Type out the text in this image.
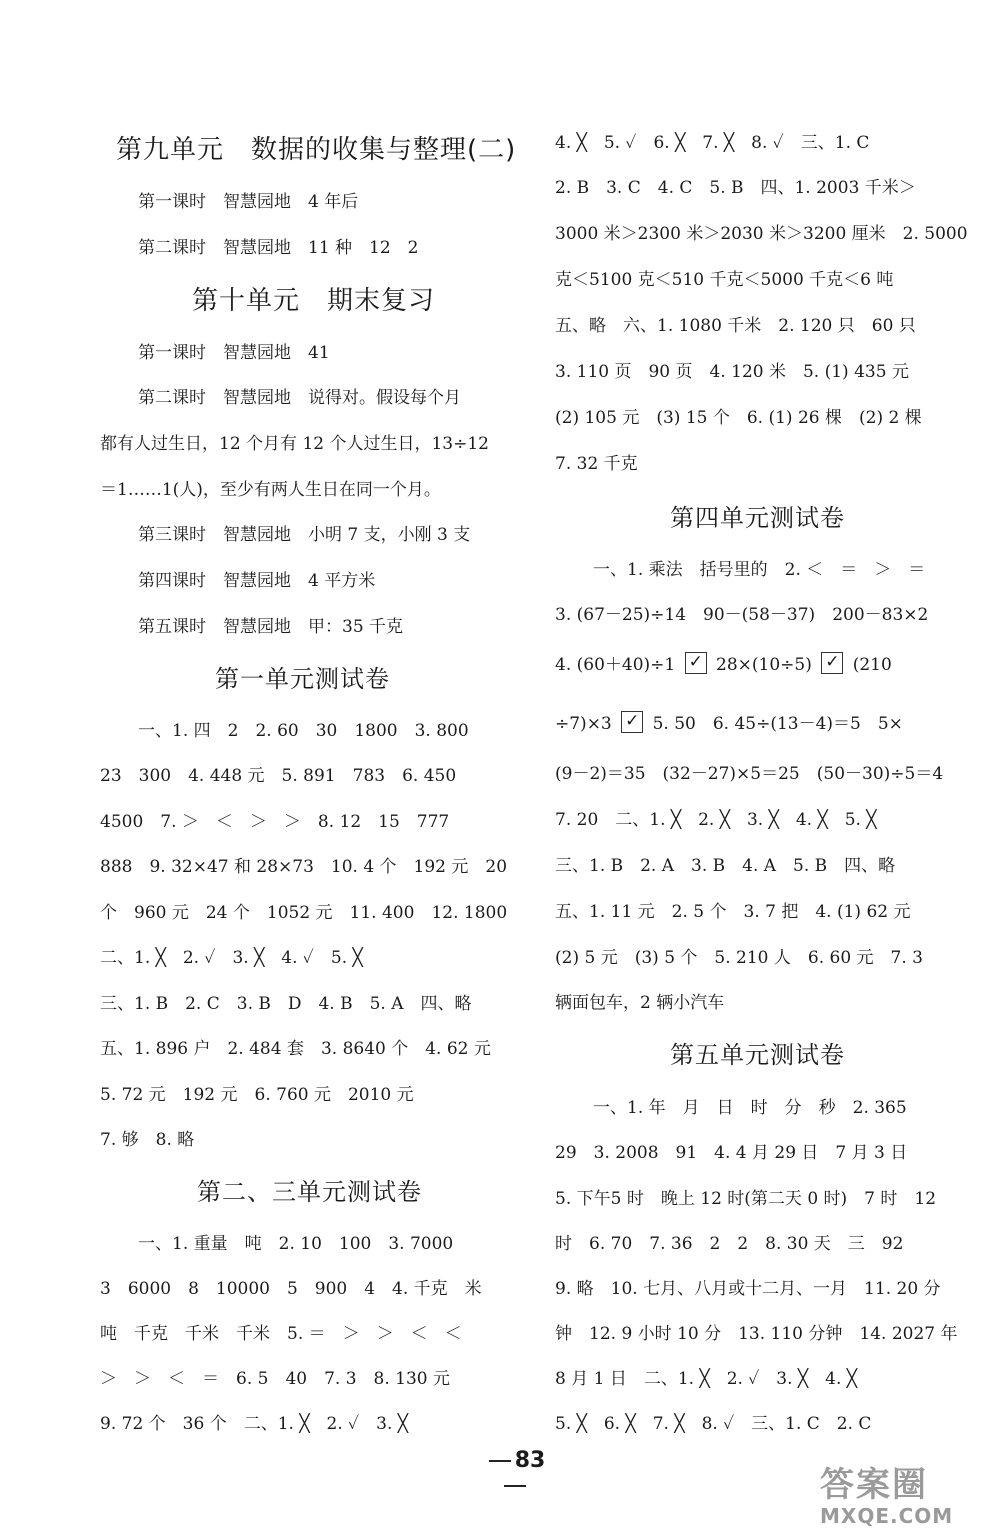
第九单元　数据的收集与整理(二)
第一课时　智慧园地　4 年后
第二课时　智慧园地　11 种　12　2
第十单元　期末复习
第一课时　智慧园地　41
第二课时　智慧园地　说得对。假设每个月
都有人过生日，12 个月有 12 个人过生日，13÷12
＝1……1(人)，至少有两人生日在同一个月。
第三课时　智慧园地　小明 7 支，小刚 3 支
第四课时　智慧园地　4 平方米
第五课时　智慧园地　甲：35 千克
第一单元测试卷
一、1. 四　2　2. 60　30　1800　3. 800
23　300　4. 448 元　5. 891　783　6. 450
4500　7. ＞　＜　＞　＞　8. 12　15　777
888　9. 32×47 和 28×73　10. 4 个　192 元　20
个　960 元　24 个　1052 元　11. 400　12. 1800
二、1. ╳　2. ✓　3. ╳　4. ✓　5. ╳
三、1. B　2. C　3. B　D　4. B　5. A　四、略
五、1. 896 户　2. 484 套　3. 8640 个　4. 62 元
5. 72 元　192 元　6. 760 元　2010 元
7. 够　8. 略
第二、三单元测试卷
一、1. 重量　吨　2. 10　100　3. 7000
3　6000　8　10000　5　900　4　4. 千克　米
吨　千克　千米　千米　5. ＝　＞　＞　＜　＜
＞　＞　＜　＝　6. 5　40　7. 3　8. 130 元
9. 72 个　36 个　二、1. ╳　2. ✓　3. ╳
4. ╳　5. ✓　6. ╳　7. ╳　8. ✓　三、1. C
2. B　3. C　4. C　5. B　四、1. 2003 千米＞
3000 米＞2300 米＞2030 米＞3200 厘米　2. 5000
克＜5100 克＜510 千克＜5000 千克＜6 吨
五、略　六、1. 1080 千米　2. 120 只　60 只
3. 110 页　90 页　4. 120 米　5. (1) 435 元
(2) 105 元　(3) 15 个　6. (1) 26 棵　(2) 2 棵
7. 32 千克
第四单元测试卷
一、1. 乘法　括号里的　2. ＜　＝　＞　＝
3. (67－25)÷14　90－(58－37)　200－83×2
4. (60＋40)÷1 ✓ 28×(10÷5) ✓ (210
÷7)×3 ✓ 5. 50　6. 45÷(13－4)＝5　5×
(9－2)＝35　(32－27)×5＝25　(50－30)÷5＝4
7. 20　二、1. ╳　2. ╳　3. ╳　4. ╳　5. ╳
三、1. B　2. A　3. B　4. A　5. B　四、略
五、1. 11 元　2. 5 个　3. 7 把　4. (1) 62 元
(2) 5 元　(3) 5 个　5. 210 人　6. 60 元　7. 3
辆面包车，2 辆小汽车
第五单元测试卷
一、1. 年　月　日　时　分　秒　2. 365
29　3. 2008　91　4. 4 月 29 日　7 月 3 日
5. 下午5 时　晚上 12 时(第二天 0 时)　7 时　12
时　6. 70　7. 36　2　2　8. 30 天　三　92
9. 略　10. 七月、八月或十二月、一月　11. 20 分
钟　12. 9 小时 10 分　13. 110 分钟　14. 2027 年
8 月 1 日　二、1. ╳　2. ✓　3. ╳　4. ╳
5. ╳　6. ╳　7. ╳　8. ✓　三、1. C　2. C
83
答案圈
MXQE.COM
